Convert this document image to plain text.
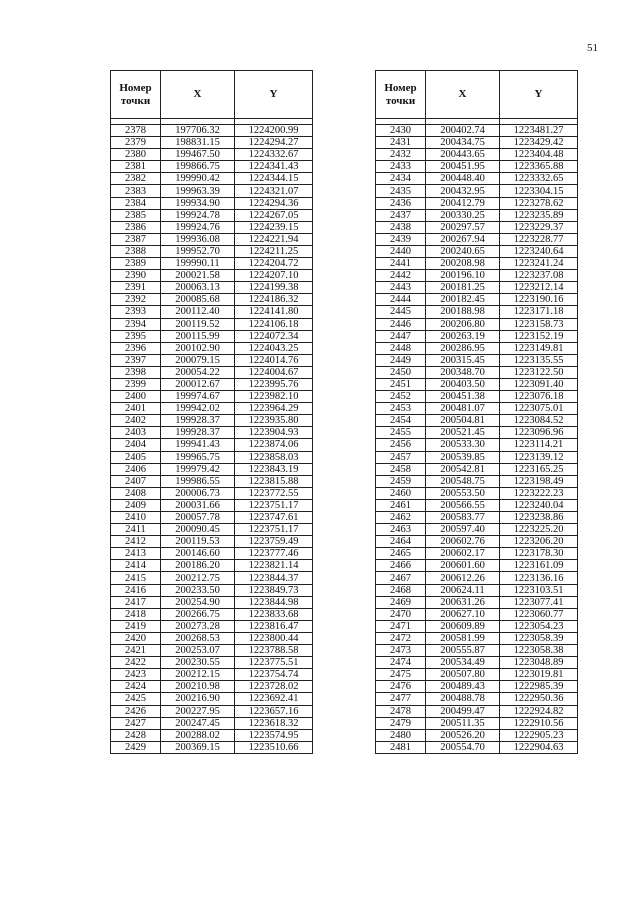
51
Номер точки	X	Y

2378	197706.32	1224200.99
2379	198831.15	1224294.27
2380	199467.50	1224332.67
2381	199866.75	1224341.43
2382	199990.42	1224344.15
2383	199963.39	1224321.07
2384	199934.90	1224294.36
2385	199924.78	1224267.05
2386	199924.76	1224239.15
2387	199936.08	1224221.94
2388	199952.70	1224211.25
2389	199990.11	1224204.72
2390	200021.58	1224207.10
2391	200063.13	1224199.38
2392	200085.68	1224186.32
2393	200112.40	1224141.80
2394	200119.52	1224106.18
2395	200115.99	1224072.34
2396	200102.90	1224043.25
2397	200079.15	1224014.76
2398	200054.22	1224004.67
2399	200012.67	1223995.76
2400	199974.67	1223982.10
2401	199942.02	1223964.29
2402	199928.37	1223935.80
2403	199928.37	1223904.93
2404	199941.43	1223874.06
2405	199965.75	1223858.03
2406	199979.42	1223843.19
2407	199986.55	1223815.88
2408	200006.73	1223772.55
2409	200031.66	1223751.17
2410	200057.78	1223747.61
2411	200090.45	1223751.17
2412	200119.53	1223759.49
2413	200146.60	1223777.46
2414	200186.20	1223821.14
2415	200212.75	1223844.37
2416	200233.50	1223849.73
2417	200254.90	1223844.98
2418	200266.75	1223833.68
2419	200273.28	1223816.47
2420	200268.53	1223800.44
2421	200253.07	1223788.58
2422	200230.55	1223775.51
2423	200212.15	1223754.74
2424	200210.98	1223728.02
2425	200216.90	1223692.41
2426	200227.95	1223657.16
2427	200247.45	1223618.32
2428	200288.02	1223574.95
2429	200369.15	1223510.66
Номер точки	X	Y

2430	200402.74	1223481.27
2431	200434.75	1223429.42
2432	200443.65	1223404.48
2433	200451.95	1223365.88
2434	200448.40	1223332.65
2435	200432.95	1223304.15
2436	200412.79	1223278.62
2437	200330.25	1223235.89
2438	200297.57	1223229.37
2439	200267.94	1223228.77
2440	200240.65	1223240.64
2441	200208.98	1223241.24
2442	200196.10	1223237.08
2443	200181.25	1223212.14
2444	200182.45	1223190.16
2445	200188.98	1223171.18
2446	200206.80	1223158.73
2447	200263.19	1223152.19
2448	200286.95	1223149.81
2449	200315.45	1223135.55
2450	200348.70	1223122.50
2451	200403.50	1223091.40
2452	200451.38	1223076.18
2453	200481.07	1223075.01
2454	200504.81	1223084.52
2455	200521.45	1223096.96
2456	200533.30	1223114.21
2457	200539.85	1223139.12
2458	200542.81	1223165.25
2459	200548.75	1223198.49
2460	200553.50	1223222.23
2461	200566.55	1223240.04
2462	200583.77	1223238.86
2463	200597.40	1223225.20
2464	200602.76	1223206.20
2465	200602.17	1223178.30
2466	200601.60	1223161.09
2467	200612.26	1223136.16
2468	200624.11	1223103.51
2469	200631.26	1223077.41
2470	200627.10	1223060.77
2471	200609.89	1223054.23
2472	200581.99	1223058.39
2473	200555.87	1223058.38
2474	200534.49	1223048.89
2475	200507.80	1223019.81
2476	200489.43	1222985.39
2477	200488.78	1222950.36
2478	200499.47	1222924.82
2479	200511.35	1222910.56
2480	200526.20	1222905.23
2481	200554.70	1222904.63
